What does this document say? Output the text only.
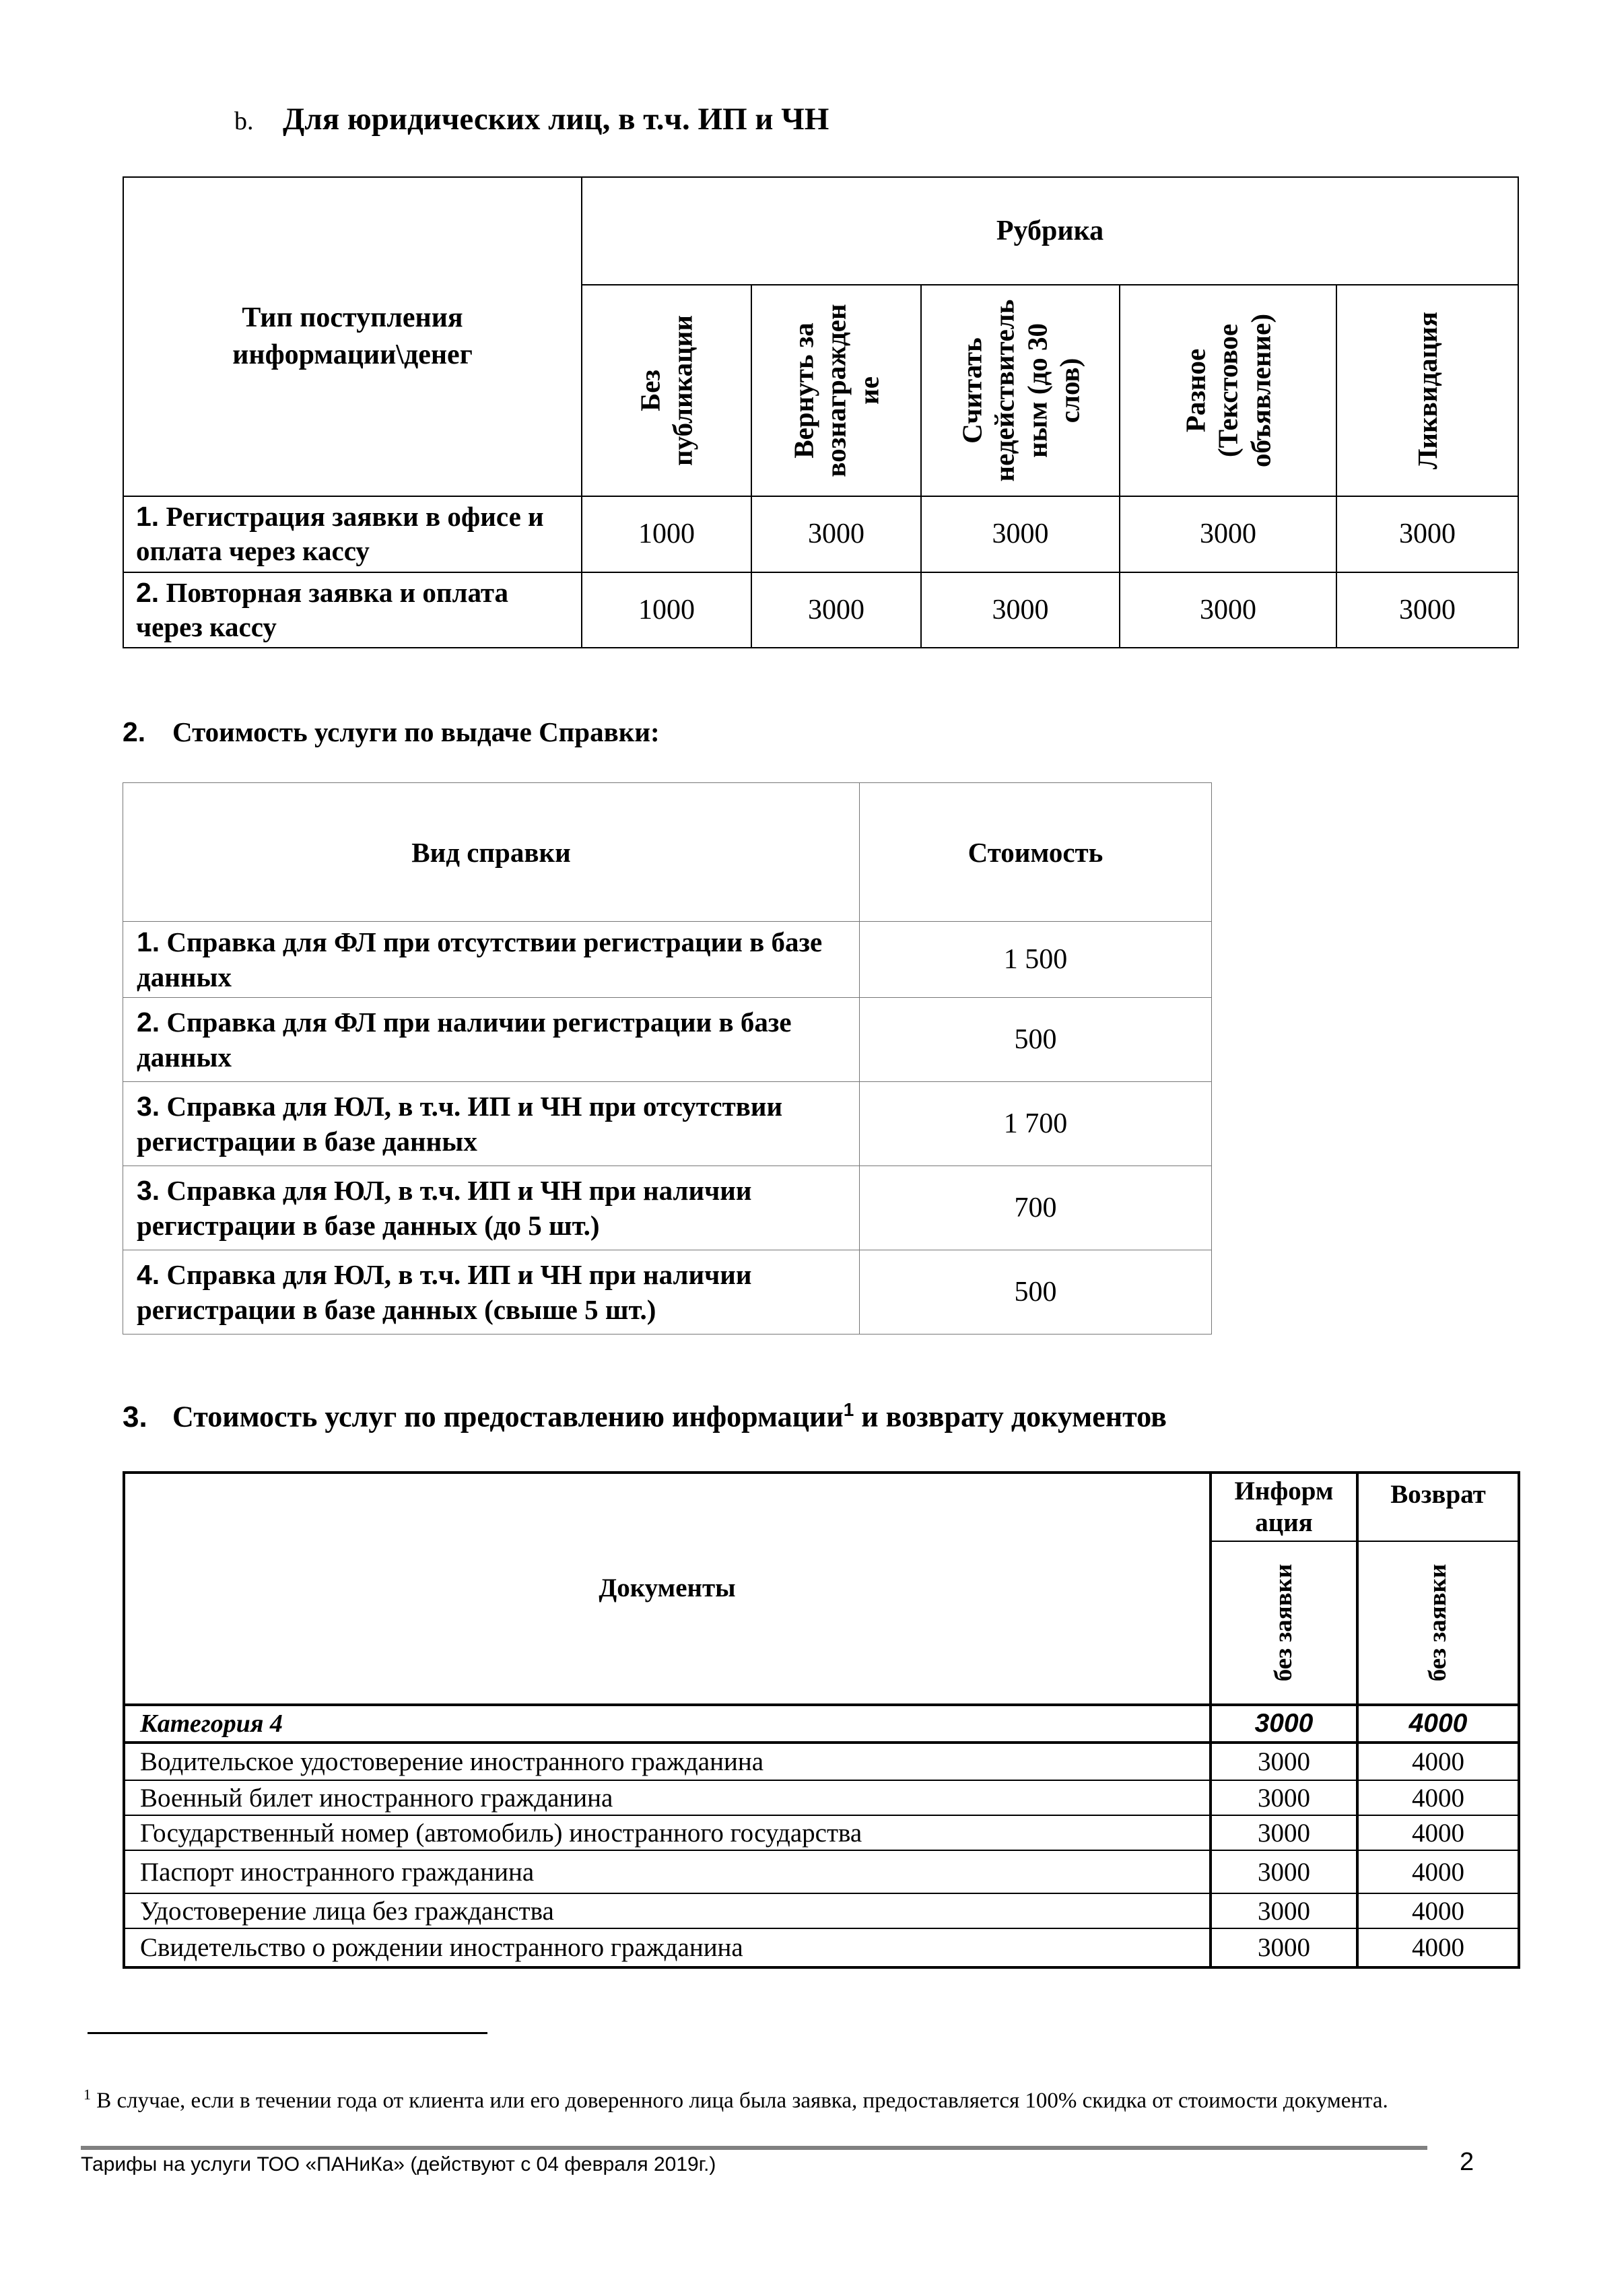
b. Для юридических лиц, в т.ч. ИП и ЧН
Тип поступления информации\денег	Рубрика				

	Без публикации	Вернуть за вознагражден ие	Считать недействитель ным (до 30 слов)	Разное (Текстовое объявление)	Ликвидация

1. Регистрация заявки в офисе и оплата через кассу	1000	3000	3000	3000	3000
2. Повторная заявка и оплата через кассу	1000	3000	3000	3000	3000
2. Стоимость услуги по выдаче Справки:
Вид справки	Стоимость
1. Справка для ФЛ при отсутствии регистрации в базе данных	1 500
2. Справка для ФЛ при наличии регистрации в базе данных	500
3. Справка для ЮЛ, в т.ч. ИП и ЧН при отсутствии регистрации в базе данных	1 700
3. Справка для ЮЛ, в т.ч. ИП и ЧН при наличии регистрации в базе данных (до 5 шт.)	700
4. Справка для ЮЛ, в т.ч. ИП и ЧН при наличии регистрации в базе данных (свыше 5 шт.)	500
3. Стоимость услуг по предоставлению информации$^1$ и возврату документов
Документы	Информ ация	Возврат

	без заявки	без заявки

Категория 4	3000	4000
Водительское удостоверение иностранного гражданина	3000	4000
Военный билет иностранного гражданина	3000	4000
Государственный номер (автомобиль) иностранного государства	3000	4000
Паспорт иностранного гражданина	3000	4000
Удостоверение лица без гражданства	3000	4000
Свидетельство о рождении иностранного гражданина	3000	4000
$^1$ В случае, если в течении года от клиента или его доверенного лица была заявка, предоставляется 100% скидка от стоимости документа.
Тарифы на услуги ТОО «ПАНиКа» (действуют с 04 февраля 2019г.)	2
